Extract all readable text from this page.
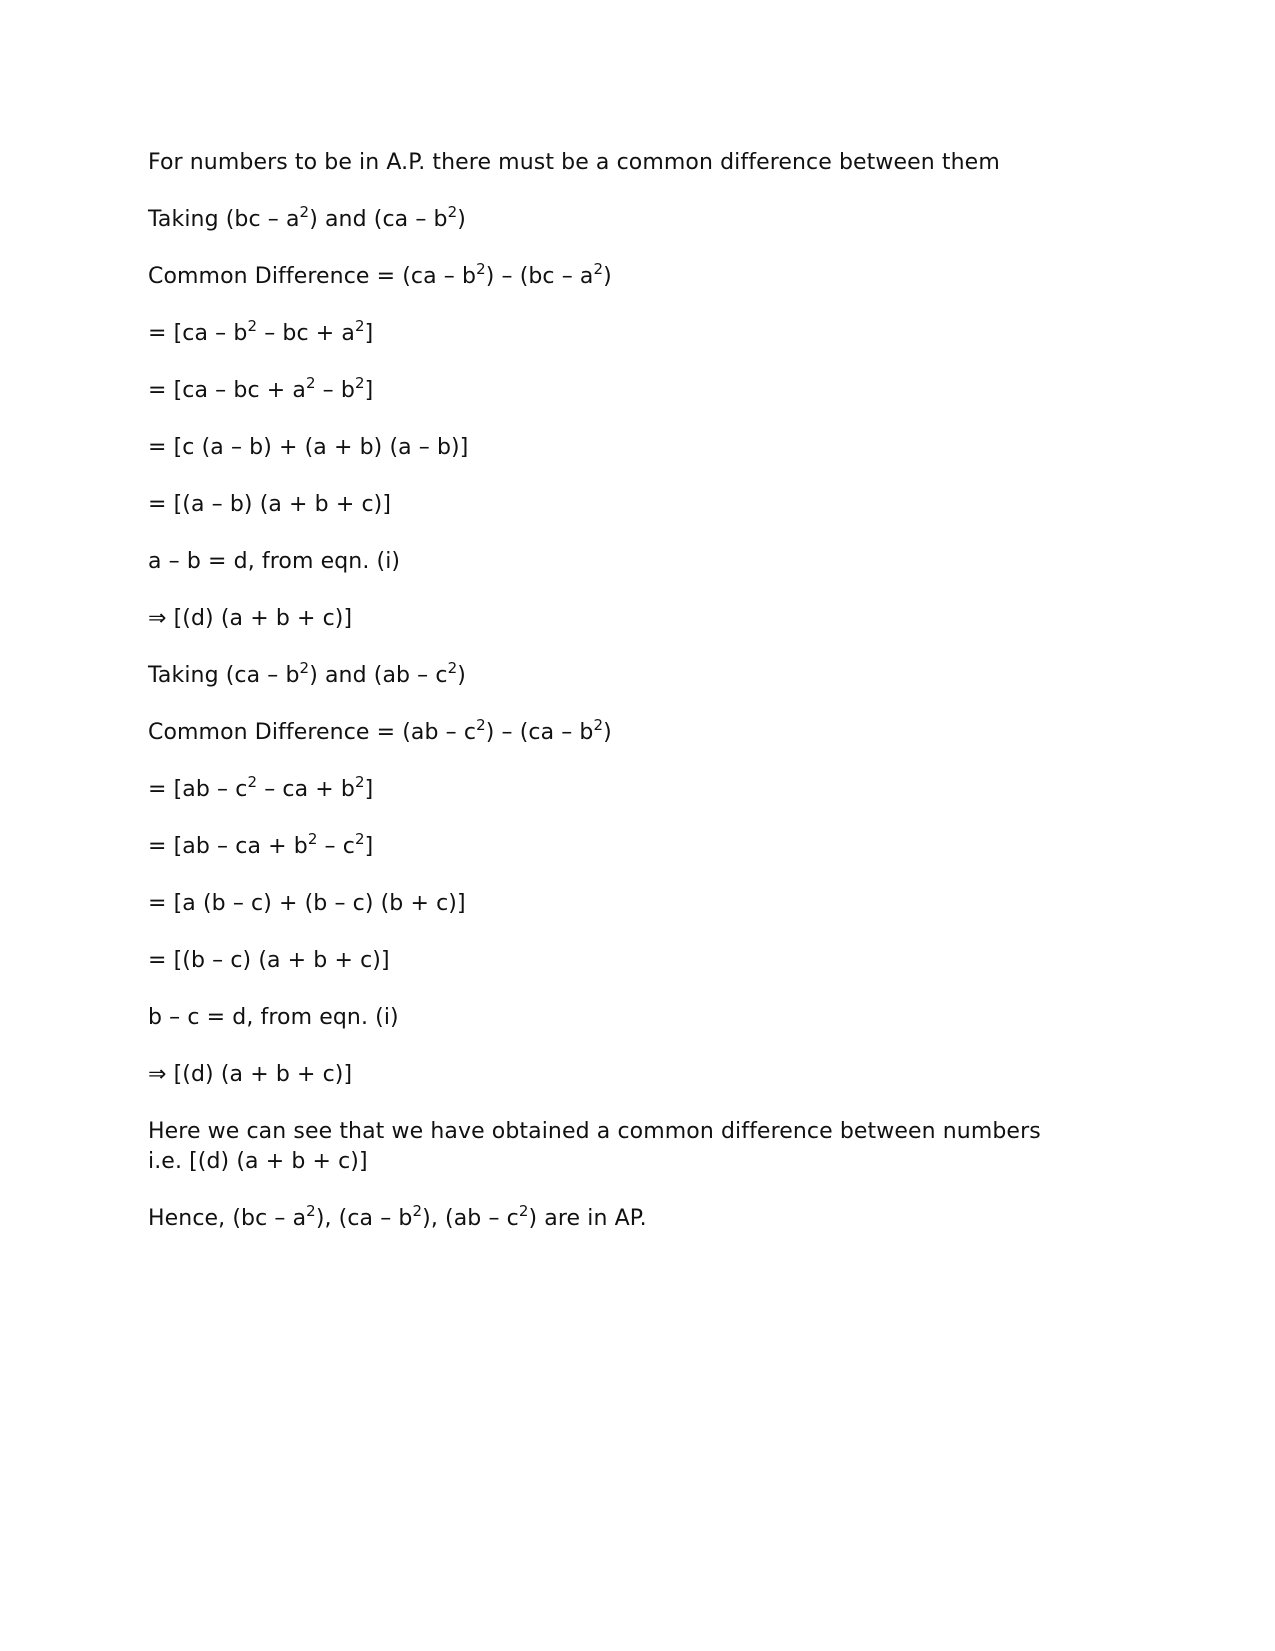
For numbers to be in A.P. there must be a common difference between them
Taking $(bc - a^2)$ and $(ca - b^2)$
Common Difference = $(ca - b^2) - (bc - a^2)$
= [$ca - b^2$ – bc + $a^2$]
= [ca – bc + $a^2 - b^2$]
= [c (a – b) + (a + b) (a – b)]
= [(a – b) (a + b + c)]
a – b = d, from eqn. (i)
⇒ [(d) (a + b + c)]
Taking $(ca - b^2)$ and $(ab - c^2)$
Common Difference = $(ab - c^2) - (ca - b^2)$
= [$ab - c^2$ – ca + $b^2$]
= [ab – ca + $b^2 - c^2$]
= [a (b – c) + (b – c) (b + c)]
= [(b – c) (a + b + c)]
b – c = d, from eqn. (i)
⇒ [(d) (a + b + c)]
Here we can see that we have obtained a common difference between numbers i.e. [(d) (a + b + c)]
Hence, $(bc - a^2)$, $(ca - b^2)$, $(ab - c^2)$ are in AP.
